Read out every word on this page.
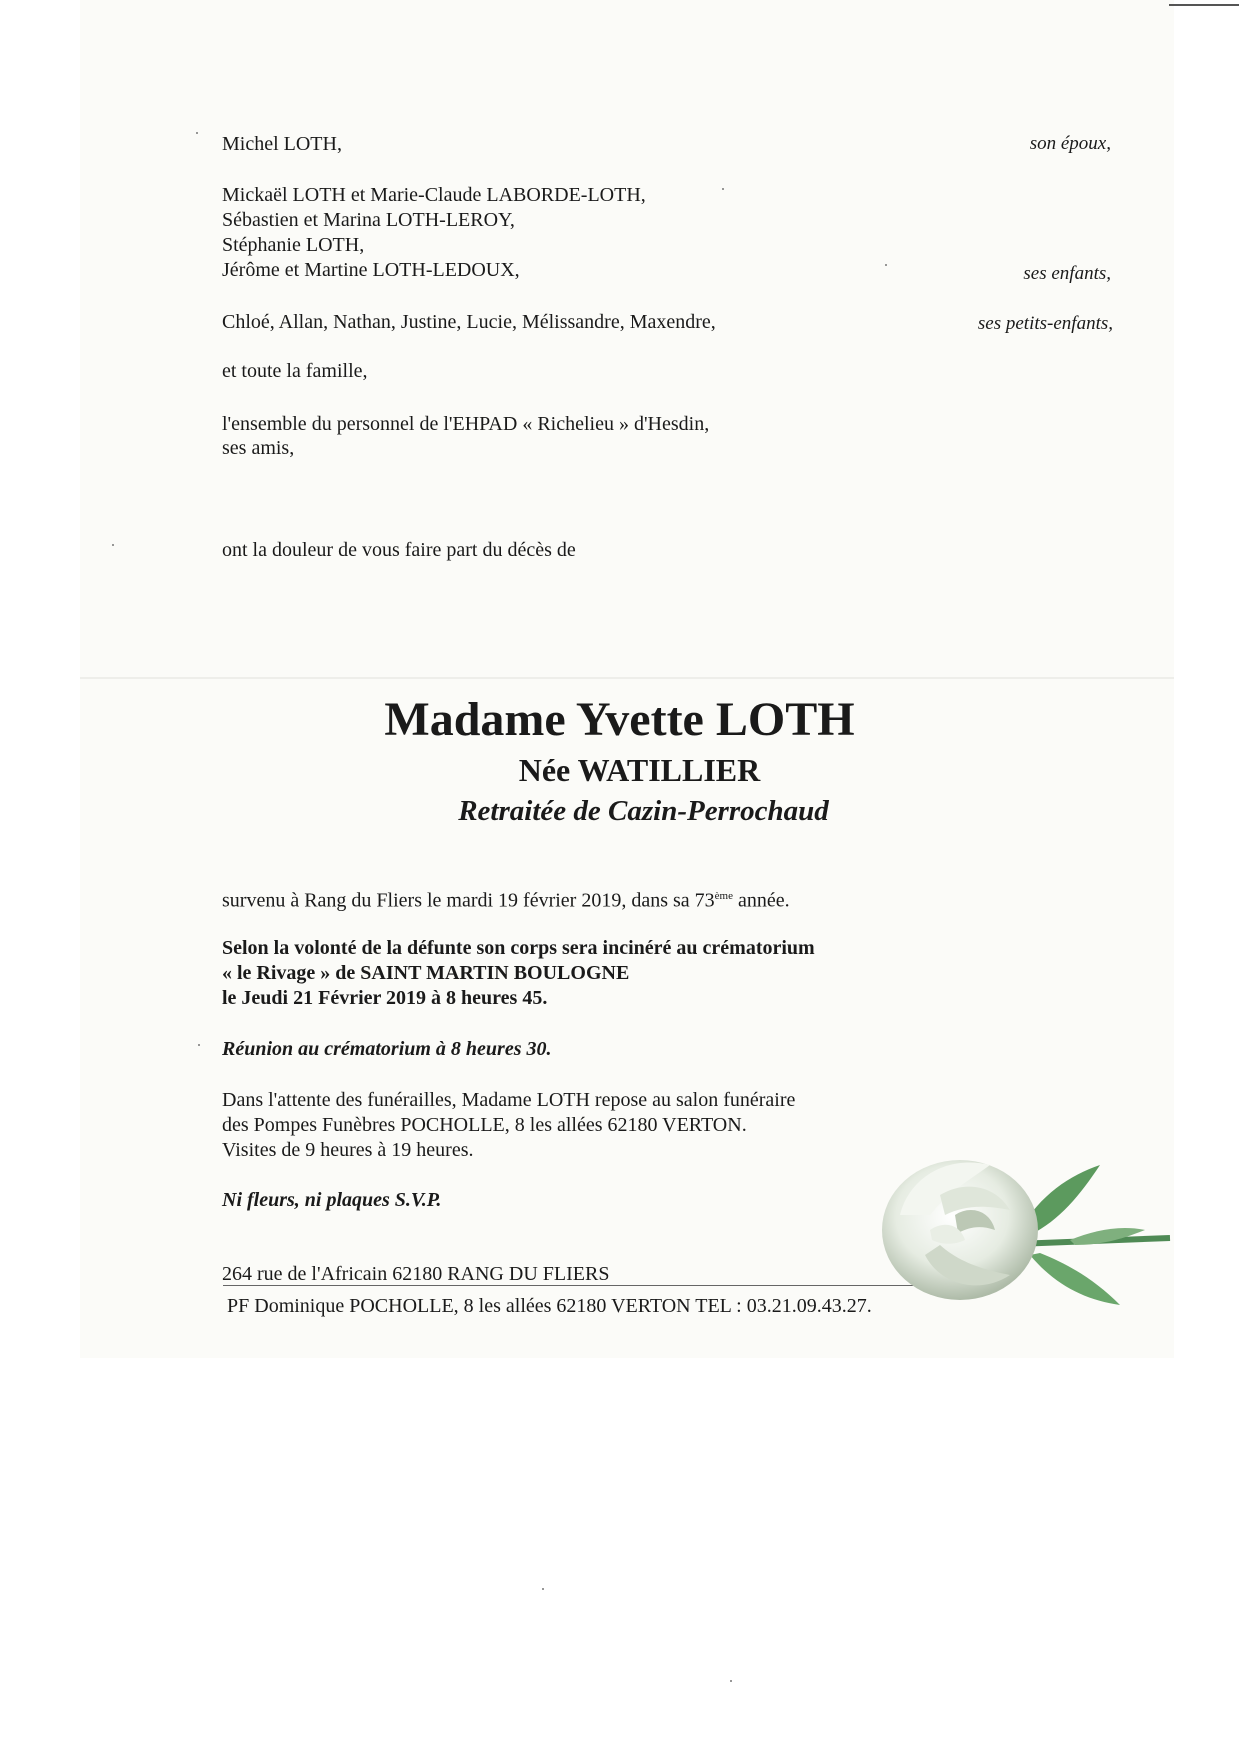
Michel LOTH,	son époux,
Mickaël LOTH et Marie-Claude LABORDE-LOTH,
Sébastien et Marina LOTH-LEROY,
Stéphanie LOTH,
Jérôme et Martine LOTH-LEDOUX,	ses enfants,
Chloé, Allan, Nathan, Justine, Lucie, Mélissandre, Maxendre,	ses petits-enfants,
et toute la famille,
l'ensemble du personnel de l'EHPAD « Richelieu » d'Hesdin,
ses amis,
ont la douleur de vous faire part du décès de
Madame Yvette LOTH
Née WATILLIER
Retraitée de Cazin-Perrochaud
survenu à Rang du Fliers le mardi 19 février 2019, dans sa 73ème année.
Selon la volonté de la défunte son corps sera incinéré au crématorium
« le Rivage » de SAINT MARTIN BOULOGNE
le Jeudi 21 Février 2019 à 8 heures 45.
Réunion au crématorium à 8 heures 30.
Dans l'attente des funérailles, Madame LOTH repose au salon funéraire
des Pompes Funèbres POCHOLLE, 8 les allées 62180 VERTON.
Visites de 9 heures à 19 heures.
Ni fleurs, ni plaques S.V.P.
264 rue de l'Africain 62180 RANG DU FLIERS
PF Dominique POCHOLLE, 8 les allées 62180 VERTON TEL : 03.21.09.43.27.
